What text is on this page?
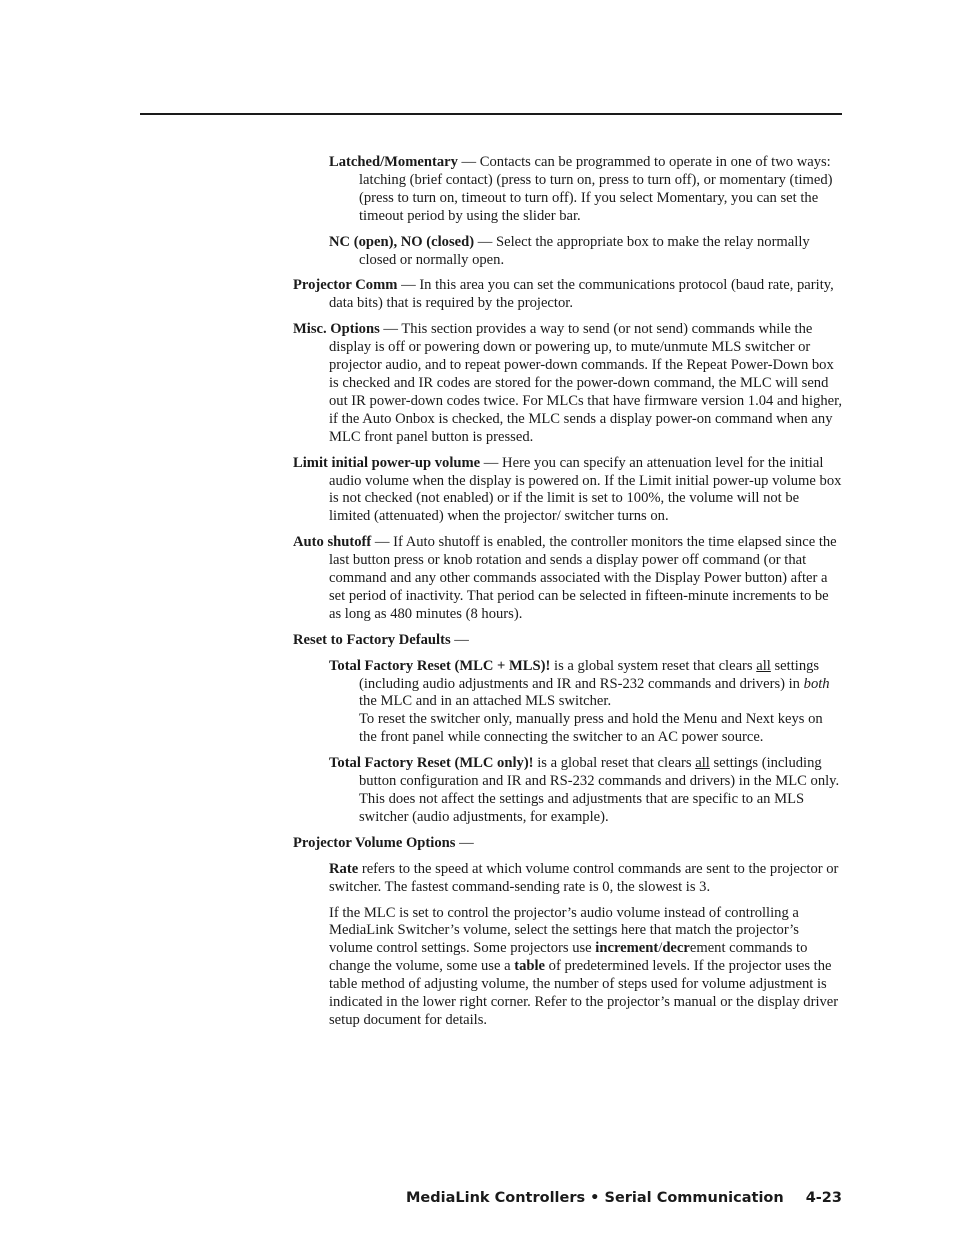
Latched/Momentary — Contacts can be programmed to operate in one of two ways: latching (brief contact) (press to turn on, press to turn off), or momentary (timed) (press to turn on, timeout to turn off). If you select Momentary, you can set the timeout period by using the slider bar.

NC (open), NO (closed) — Select the appropriate box to make the relay normally closed or normally open.

Projector Comm — In this area you can set the communications protocol (baud rate, parity, data bits) that is required by the projector.

Misc. Options — This section provides a way to send (or not send) commands while the display is off or powering down or powering up, to mute/unmute MLS switcher or projector audio, and to repeat power-down commands. If the Repeat Power-Down box is checked and IR codes are stored for the power-down command, the MLC will send out IR power-down codes twice. For MLCs that have firmware version 1.04 and higher, if the Auto Onbox is checked, the MLC sends a display power-on command when any MLC front panel button is pressed.

Limit initial power-up volume — Here you can specify an attenuation level for the initial audio volume when the display is powered on. If the Limit initial power-up volume box is not checked (not enabled) or if the limit is set to 100%, the volume will not be limited (attenuated) when the projector/ switcher turns on.

Auto shutoff — If Auto shutoff is enabled, the controller monitors the time elapsed since the last button press or knob rotation and sends a display power off command (or that command and any other commands associated with the Display Power button) after a set period of inactivity. That period can be selected in fifteen-minute increments to be as long as 480 minutes (8 hours).

Reset to Factory Defaults —

Total Factory Reset (MLC + MLS)! is a global system reset that clears all settings (including audio adjustments and IR and RS-232 commands and drivers) in both the MLC and in an attached MLS switcher.

To reset the switcher only, manually press and hold the Menu and Next keys on the front panel while connecting the switcher to an AC power source.

Total Factory Reset (MLC only)! is a global reset that clears all settings (including button configuration and IR and RS-232 commands and drivers) in the MLC only. This does not affect the settings and adjustments that are specific to an MLS switcher (audio adjustments, for example).

Projector Volume Options —

Rate refers to the speed at which volume control commands are sent to the projector or switcher. The fastest command-sending rate is 0, the slowest is 3.

If the MLC is set to control the projector’s audio volume instead of controlling a MediaLink Switcher’s volume, select the settings here that match the projector’s volume control settings. Some projectors use increment/decrement commands to change the volume, some use a table of predetermined levels. If the projector uses the table method of adjusting volume, the number of steps used for volume adjustment is indicated in the lower right corner. Refer to the projector’s manual or the display driver setup document for details.

MediaLink Controllers • Serial Communication 4-23
